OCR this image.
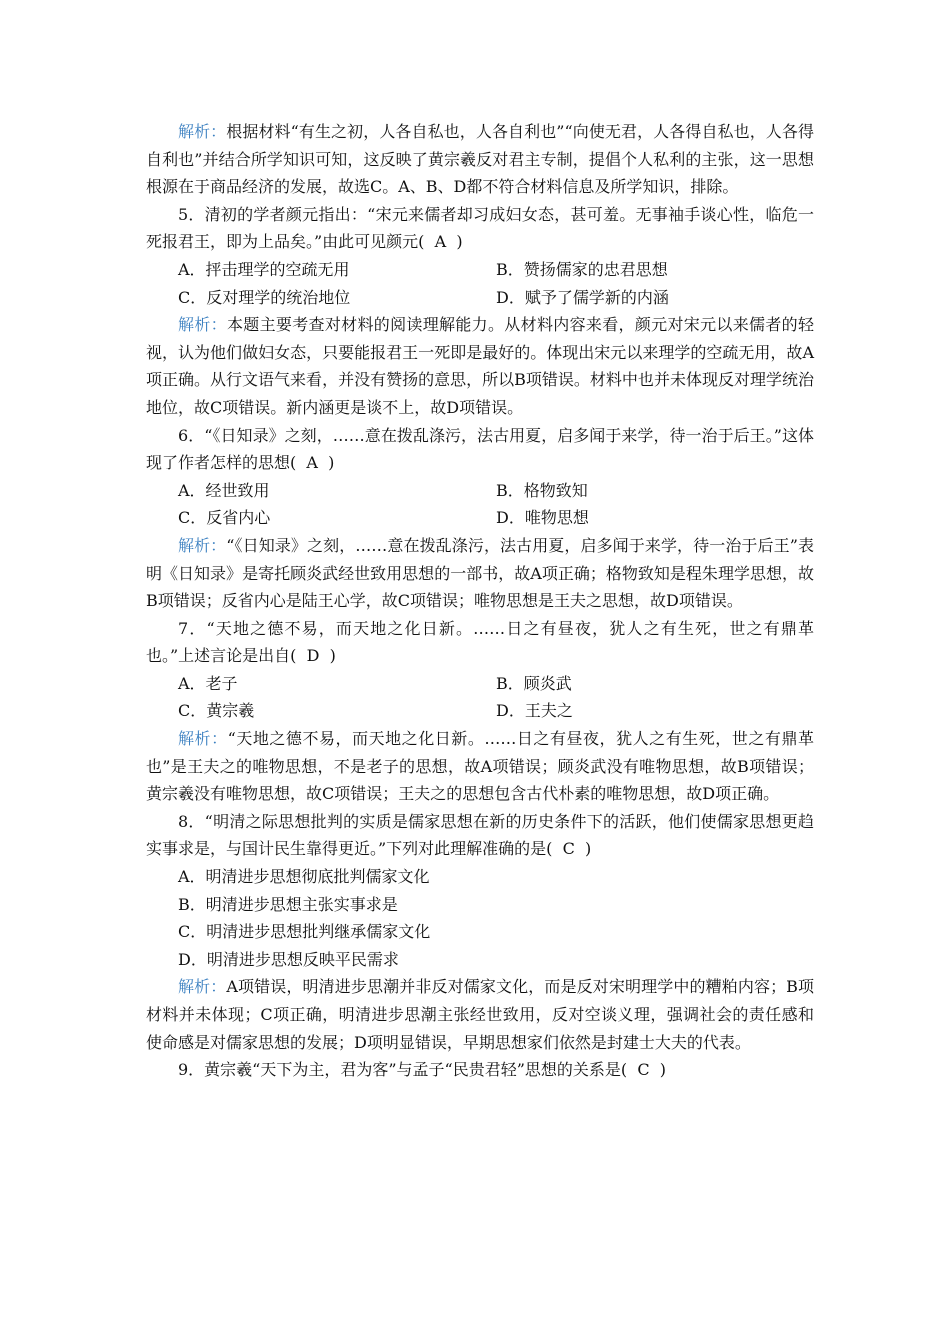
解析：根据材料“有生之初，人各自私也，人各自利也”“向使无君，人各得自私也，人各得自利也”并结合所学知识可知，这反映了黄宗羲反对君主专制，提倡个人私利的主张，这一思想根源在于商品经济的发展，故选C。A、B、D都不符合材料信息及所学知识，排除。

5．清初的学者颜元指出：“宋元来儒者却习成妇女态，甚可羞。无事袖手谈心性，临危一死报君王，即为上品矣。”由此可见颜元( A )

A．抨击理学的空疏无用	B．赞扬儒家的忠君思想
C．反对理学的统治地位	D．赋予了儒学新的内涵

解析：本题主要考查对材料的阅读理解能力。从材料内容来看，颜元对宋元以来儒者的轻视，认为他们做妇女态，只要能报君王一死即是最好的。体现出宋元以来理学的空疏无用，故A项正确。从行文语气来看，并没有赞扬的意思，所以B项错误。材料中也并未体现反对理学统治地位，故C项错误。新内涵更是谈不上，故D项错误。

6．“《日知录》之刻，……意在拨乱涤污，法古用夏，启多闻于来学，待一治于后王。”这体现了作者怎样的思想( A )

A．经世致用	B．格物致知
C．反省内心	D．唯物思想

解析：“《日知录》之刻，……意在拨乱涤污，法古用夏，启多闻于来学，待一治于后王”表明《日知录》是寄托顾炎武经世致用思想的一部书，故A项正确；格物致知是程朱理学思想，故B项错误；反省内心是陆王心学，故C项错误；唯物思想是王夫之思想，故D项错误。

7．“天地之德不易，而天地之化日新。……日之有昼夜，犹人之有生死，世之有鼎革也。”上述言论是出自( D )

A．老子	B．顾炎武
C．黄宗羲	D．王夫之

解析：“天地之德不易，而天地之化日新。……日之有昼夜，犹人之有生死，世之有鼎革也”是王夫之的唯物思想，不是老子的思想，故A项错误；顾炎武没有唯物思想，故B项错误；黄宗羲没有唯物思想，故C项错误；王夫之的思想包含古代朴素的唯物思想，故D项正确。

8．“明清之际思想批判的实质是儒家思想在新的历史条件下的活跃，他们使儒家思想更趋实事求是，与国计民生靠得更近。”下列对此理解准确的是( C )

A．明清进步思想彻底批判儒家文化
B．明清进步思想主张实事求是
C．明清进步思想批判继承儒家文化
D．明清进步思想反映平民需求

解析：A项错误，明清进步思潮并非反对儒家文化，而是反对宋明理学中的糟粕内容；B项材料并未体现；C项正确，明清进步思潮主张经世致用，反对空谈义理，强调社会的责任感和使命感是对儒家思想的发展；D项明显错误，早期思想家们依然是封建士大夫的代表。

9．黄宗羲“天下为主，君为客”与孟子“民贵君轻”思想的关系是( C )
